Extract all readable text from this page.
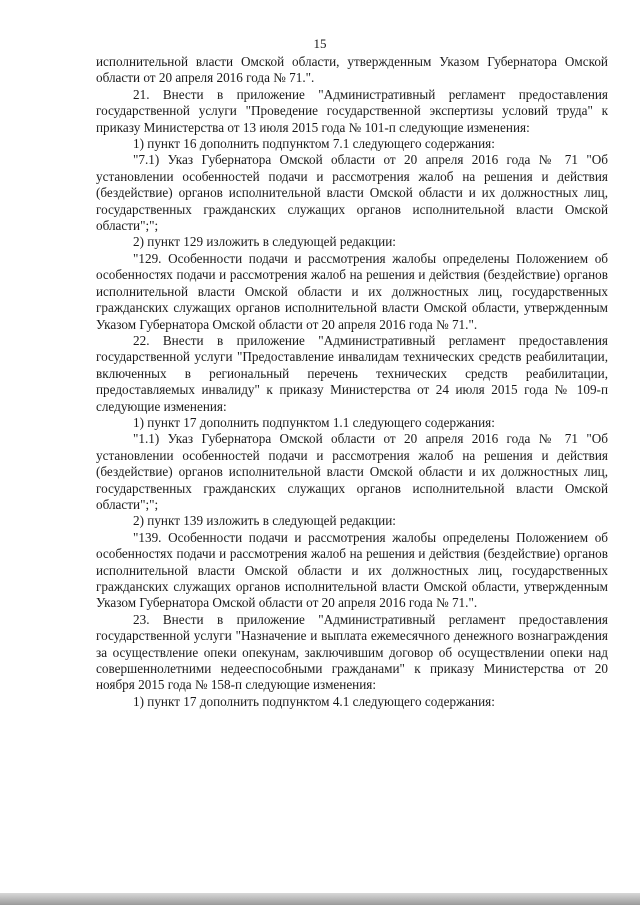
15

исполнительной власти Омской области, утвержденным Указом Губернатора Омской области от 20 апреля 2016 года № 71.".

21. Внести в приложение "Административный регламент предоставления государственной услуги "Проведение государственной экспертизы условий труда" к приказу Министерства от 13 июля 2015 года № 101-п следующие изменения:

1) пункт 16 дополнить подпунктом 7.1 следующего содержания:

"7.1) Указ Губернатора Омской области от 20 апреля 2016 года № 71 "Об установлении особенностей подачи и рассмотрения жалоб на решения и действия (бездействие) органов исполнительной власти Омской области и их должностных лиц, государственных гражданских служащих органов исполнительной власти Омской области";";

2) пункт 129 изложить в следующей редакции:

"129. Особенности подачи и рассмотрения жалобы определены Положением об особенностях подачи и рассмотрения жалоб на решения и действия (бездействие) органов исполнительной власти Омской области и их должностных лиц, государственных гражданских служащих органов исполнительной власти Омской области, утвержденным Указом Губернатора Омской области от 20 апреля 2016 года № 71.".

22. Внести в приложение "Административный регламент предоставления государственной услуги "Предоставление инвалидам технических средств реабилитации, включенных в региональный перечень технических средств реабилитации, предоставляемых инвалиду" к приказу Министерства от 24 июля 2015 года № 109-п следующие изменения:

1) пункт 17 дополнить подпунктом 1.1 следующего содержания:

"1.1) Указ Губернатора Омской области от 20 апреля 2016 года № 71 "Об установлении особенностей подачи и рассмотрения жалоб на решения и действия (бездействие) органов исполнительной власти Омской области и их должностных лиц, государственных гражданских служащих органов исполнительной власти Омской области";";

2) пункт 139 изложить в следующей редакции:

"139. Особенности подачи и рассмотрения жалобы определены Положением об особенностях подачи и рассмотрения жалоб на решения и действия (бездействие) органов исполнительной власти Омской области и их должностных лиц, государственных гражданских служащих органов исполнительной власти Омской области, утвержденным Указом Губернатора Омской области от 20 апреля 2016 года № 71.".

23. Внести в приложение "Административный регламент предоставления государственной услуги "Назначение и выплата ежемесячного денежного вознаграждения за осуществление опеки опекунам, заключившим договор об осуществлении опеки над совершеннолетними недееспособными гражданами" к приказу Министерства от 20 ноября 2015 года № 158-п следующие изменения:

1) пункт 17 дополнить подпунктом 4.1 следующего содержания:
